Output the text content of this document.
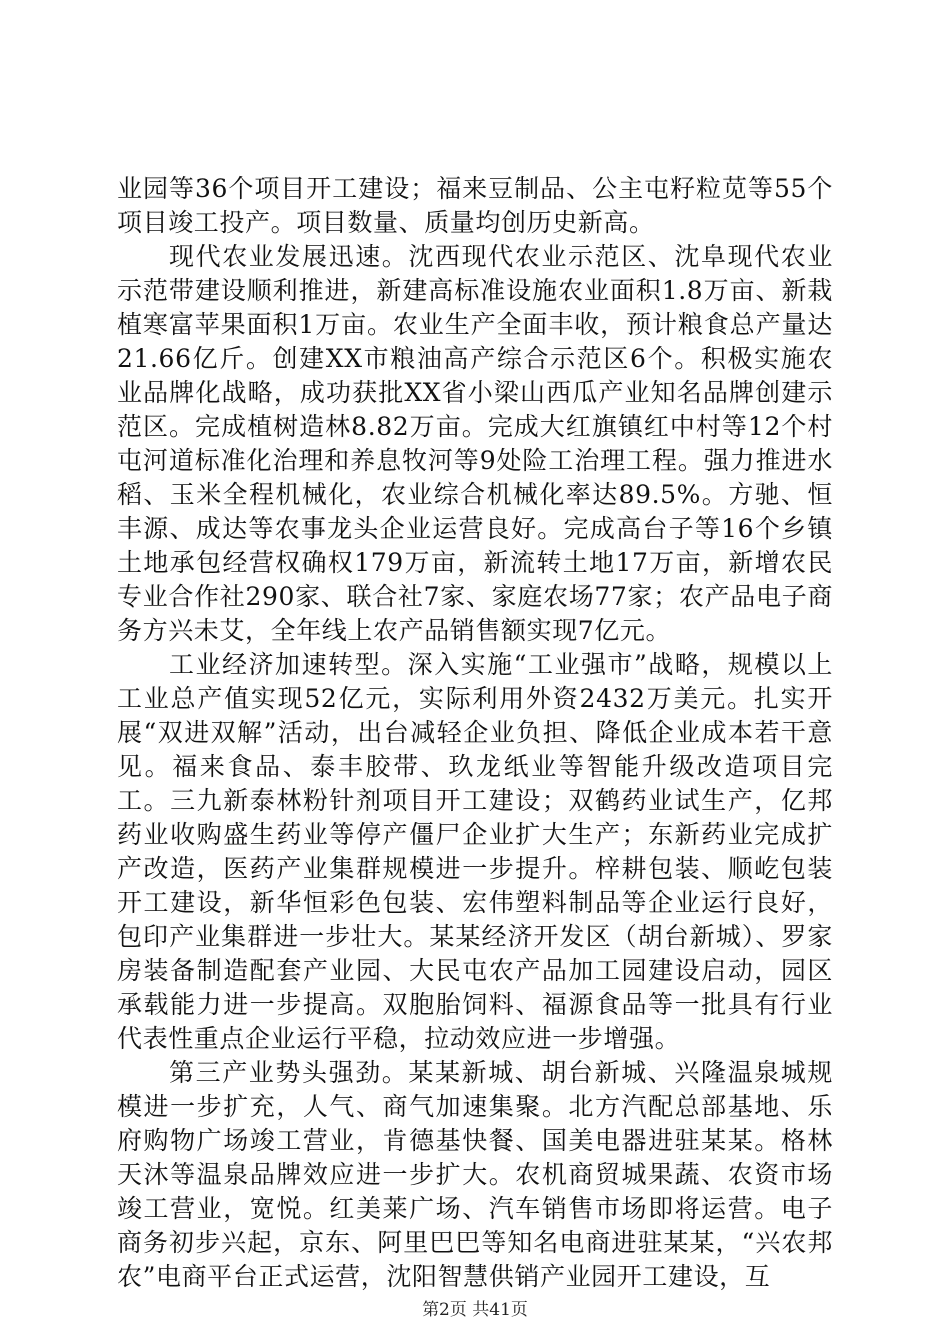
业园等36个项目开工建设；福来豆制品、公主屯籽粒苋等55个项目竣工投产。项目数量、质量均创历史新高。

现代农业发展迅速。沈西现代农业示范区、沈阜现代农业示范带建设顺利推进，新建高标准设施农业面积1.8万亩、新栽植寒富苹果面积1万亩。农业生产全面丰收，预计粮食总产量达21.66亿斤。创建XX市粮油高产综合示范区6个。积极实施农业品牌化战略，成功获批XX省小梁山西瓜产业知名品牌创建示范区。完成植树造林8.82万亩。完成大红旗镇红中村等12个村屯河道标准化治理和养息牧河等9处险工治理工程。强力推进水稻、玉米全程机械化，农业综合机械化率达89.5%。方驰、恒丰源、成达等农事龙头企业运营良好。完成高台子等16个乡镇土地承包经营权确权179万亩，新流转土地17万亩，新增农民专业合作社290家、联合社7家、家庭农场77家；农产品电子商务方兴未艾，全年线上农产品销售额实现7亿元。

工业经济加速转型。深入实施“工业强市”战略，规模以上工业总产值实现52亿元，实际利用外资2432万美元。扎实开展“双进双解”活动，出台减轻企业负担、降低企业成本若干意见。福来食品、泰丰胶带、玖龙纸业等智能升级改造项目完工。三九新泰林粉针剂项目开工建设；双鹤药业试生产，亿邦药业收购盛生药业等停产僵尸企业扩大生产；东新药业完成扩产改造，医药产业集群规模进一步提升。梓耕包装、顺屹包装开工建设，新华恒彩色包装、宏伟塑料制品等企业运行良好，包印产业集群进一步壮大。某某经济开发区（胡台新城）、罗家房装备制造配套产业园、大民屯农产品加工园建设启动，园区承载能力进一步提高。双胞胎饲料、福源食品等一批具有行业代表性重点企业运行平稳，拉动效应进一步增强。

第三产业势头强劲。某某新城、胡台新城、兴隆温泉城规模进一步扩充，人气、商气加速集聚。北方汽配总部基地、乐府购物广场竣工营业，肯德基快餐、国美电器进驻某某。格林天沐等温泉品牌效应进一步扩大。农机商贸城果蔬、农资市场竣工营业，宽悦。红美莱广场、汽车销售市场即将运营。电子商务初步兴起，京东、阿里巴巴等知名电商进驻某某，“兴农邦农”电商平台正式运营，沈阳智慧供销产业园开工建设，互

第2页 共41页
